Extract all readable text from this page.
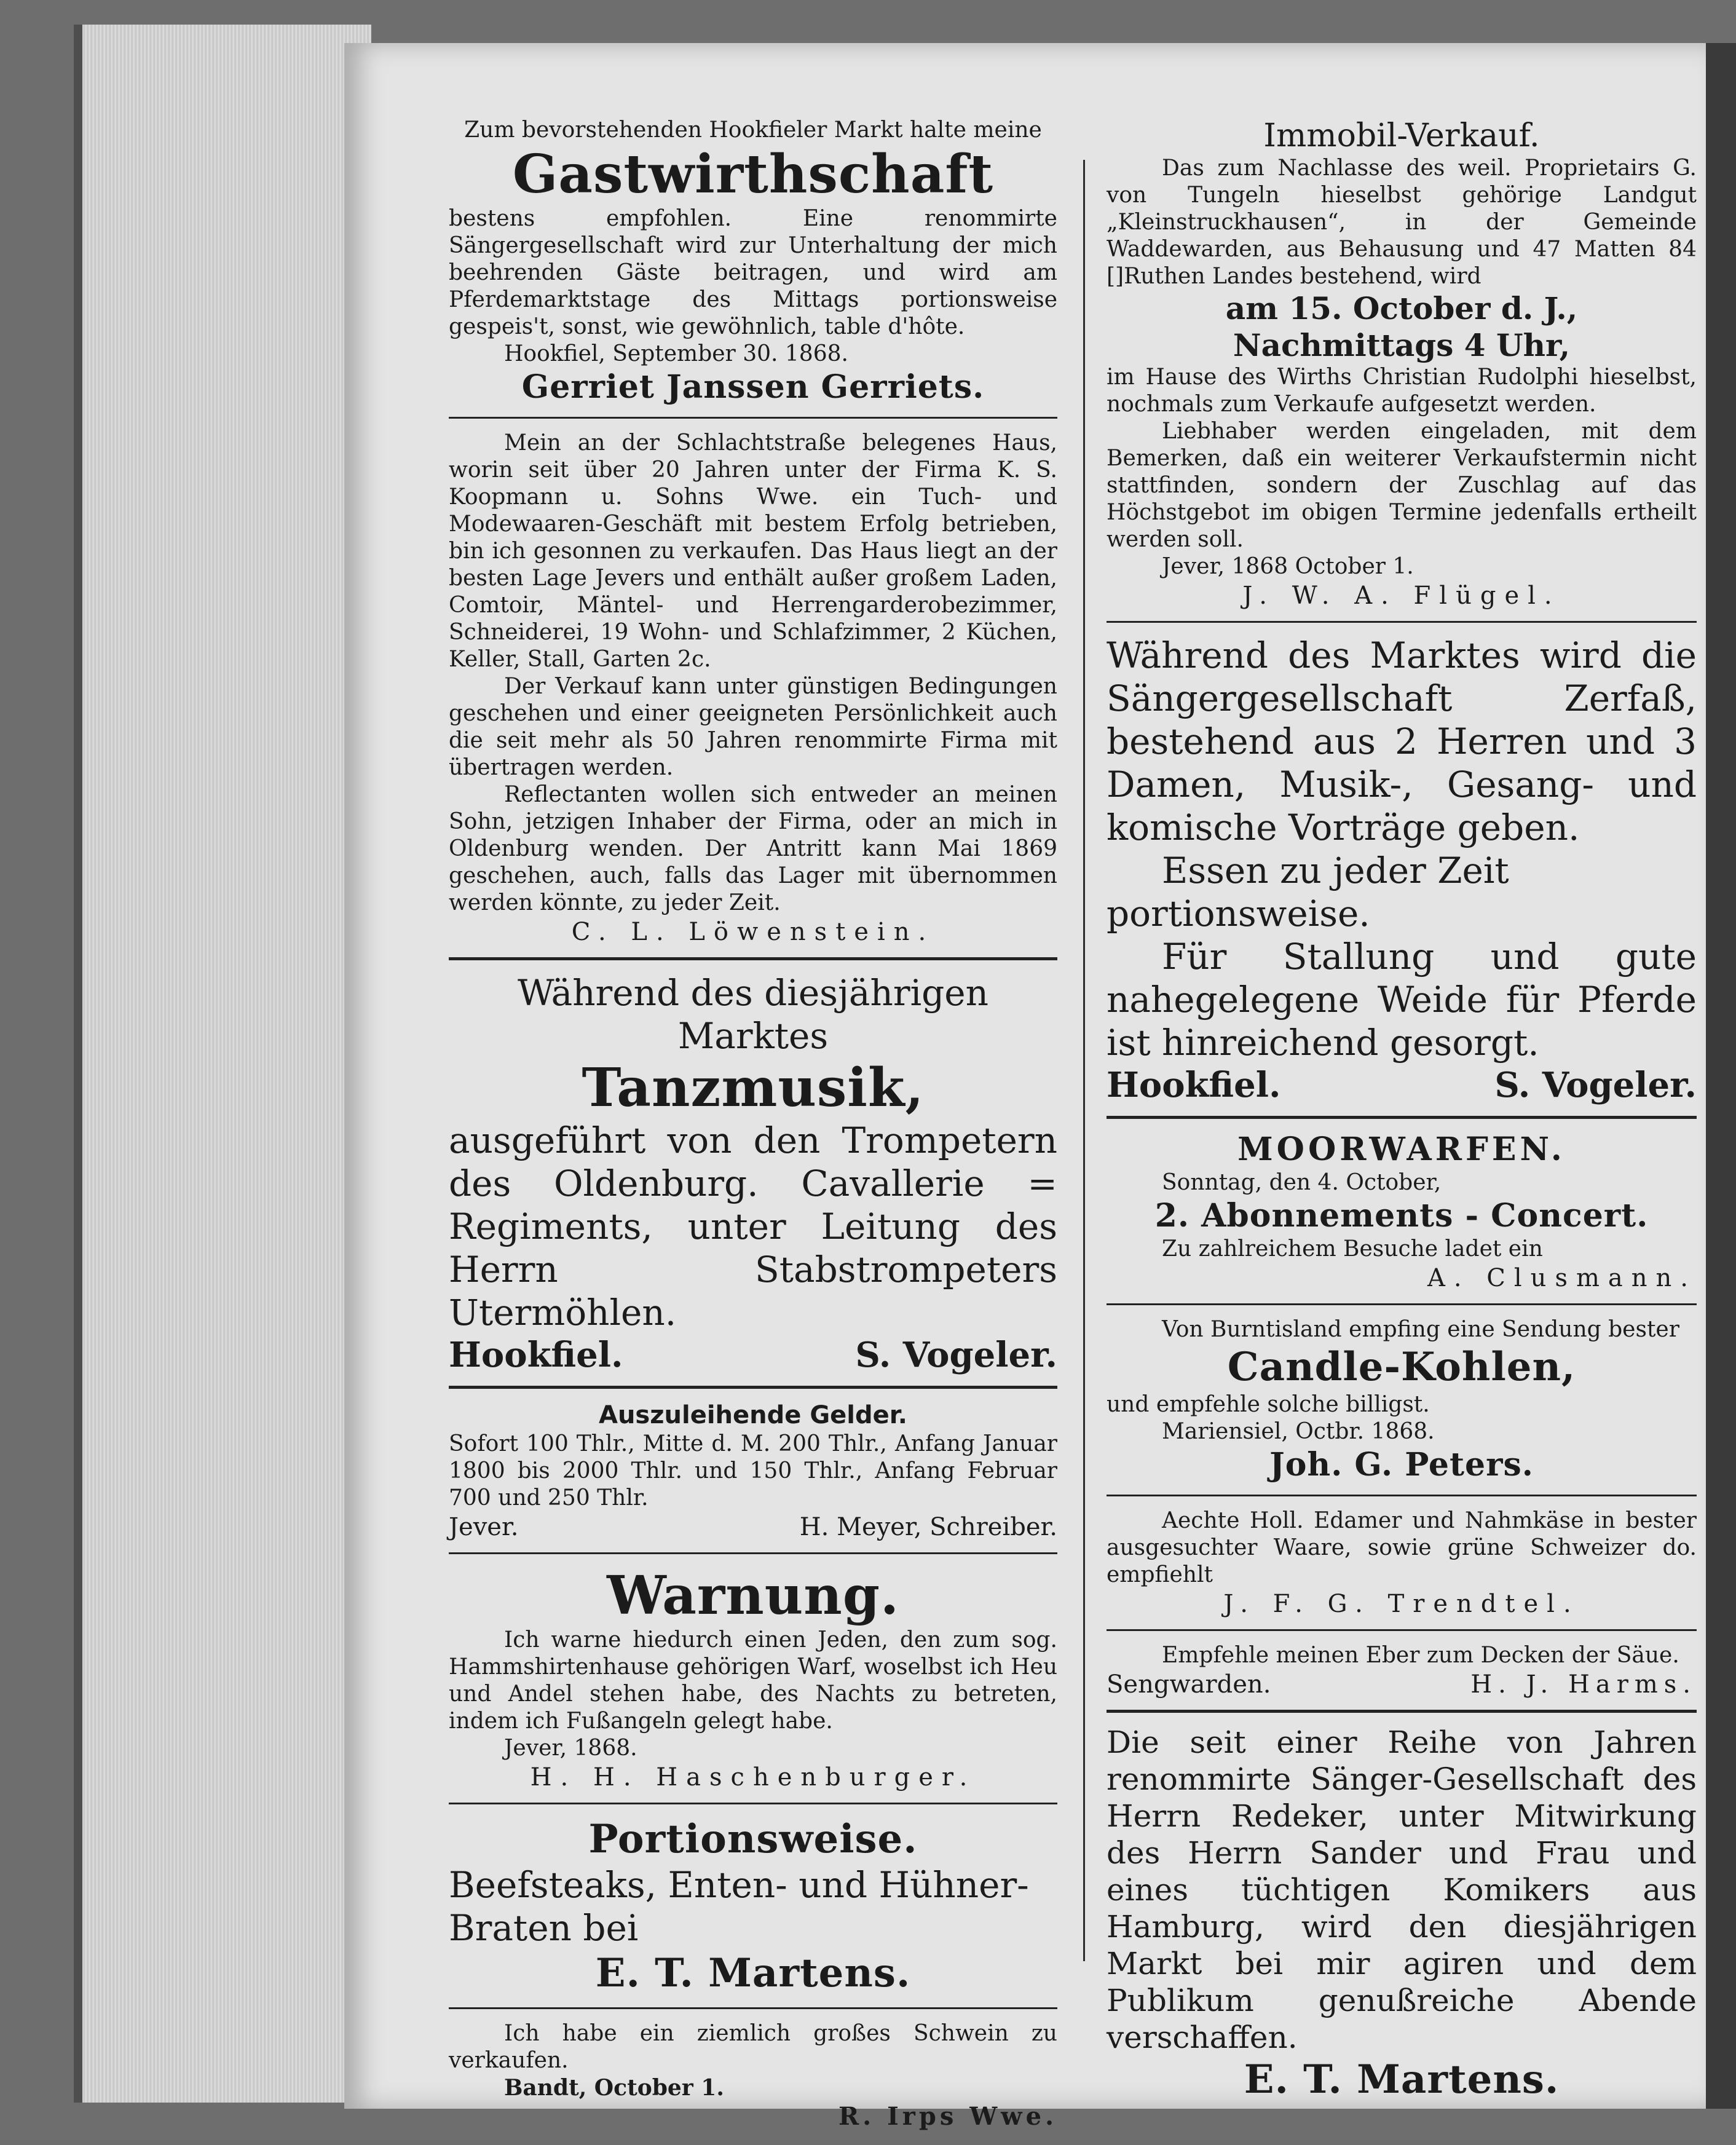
Zum bevorstehenden Hookfieler Markt halte meine

Gastwirthschaft

bestens empfohlen. Eine renommirte Sängergesellschaft wird zur Unterhaltung der mich beehrenden Gäste beitragen, und wird am Pferdemarktstage des Mittags portionsweise gespeis't, sonst, wie gewöhnlich, table d'hôte.

Hookfiel, September 30. 1868.

Gerriet Janssen Gerriets.

Mein an der Schlachtstraße belegenes Haus, worin seit über 20 Jahren unter der Firma K. S. Koopmann u. Sohns Wwe. ein Tuch- und Modewaaren-Geschäft mit bestem Erfolg betrieben, bin ich gesonnen zu verkaufen. Das Haus liegt an der besten Lage Jevers und enthält außer großem Laden, Comtoir, Mäntel- und Herrengarderobezimmer, Schneiderei, 19 Wohn- und Schlafzimmer, 2 Küchen, Keller, Stall, Garten 2c.

Der Verkauf kann unter günstigen Bedingungen geschehen und einer geeigneten Persönlichkeit auch die seit mehr als 50 Jahren renommirte Firma mit übertragen werden.

Reflectanten wollen sich entweder an meinen Sohn, jetzigen Inhaber der Firma, oder an mich in Oldenburg wenden. Der Antritt kann Mai 1869 geschehen, auch, falls das Lager mit übernommen werden könnte, zu jeder Zeit.

C. L. Löwenstein.

Während des diesjährigen Marktes

Tanzmusik,

ausgeführt von den Trompetern des Oldenburg. Cavallerie = Regiments, unter Leitung des Herrn Stabstrompeters Utermöhlen.

Hookfiel.	S. Vogeler.

Auszuleihende Gelder.

Sofort 100 Thlr., Mitte d. M. 200 Thlr., Anfang Januar 1800 bis 2000 Thlr. und 150 Thlr., Anfang Februar 700 und 250 Thlr.

Jever.	H. Meyer, Schreiber.

Warnung.

Ich warne hiedurch einen Jeden, den zum sog. Hammshirtenhause gehörigen Warf, woselbst ich Heu und Andel stehen habe, des Nachts zu betreten, indem ich Fußangeln gelegt habe.

Jever, 1868.

H. H. Haschenburger.

Portionsweise.

Beefsteaks, Enten- und Hühner-Braten bei

E. T. Martens.

Ich habe ein ziemlich großes Schwein zu verkaufen.

Bandt, October 1.

R. Irps Wwe.

Immobil-Verkauf.

Das zum Nachlasse des weil. Proprietairs G. von Tungeln hieselbst gehörige Landgut „Kleinstruckhausen“, in der Gemeinde Waddewarden, aus Behausung und 47 Matten 84 []Ruthen Landes bestehend, wird

am 15. October d. J.,

Nachmittags 4 Uhr,

im Hause des Wirths Christian Rudolphi hieselbst, nochmals zum Verkaufe aufgesetzt werden.

Liebhaber werden eingeladen, mit dem Bemerken, daß ein weiterer Verkaufstermin nicht stattfinden, sondern der Zuschlag auf das Höchstgebot im obigen Termine jedenfalls ertheilt werden soll.

Jever, 1868 October 1.

J. W. A. Flügel.

Während des Marktes wird die Sängergesellschaft Zerfaß, bestehend aus 2 Herren und 3 Damen, Musik-, Gesang- und komische Vorträge geben.

Essen zu jeder Zeit portionsweise.

Für Stallung und gute nahegelegene Weide für Pferde ist hinreichend gesorgt.

Hookfiel.	S. Vogeler.

MOORWARFEN.

Sonntag, den 4. October,

2. Abonnements - Concert.

Zu zahlreichem Besuche ladet ein

A. Clusmann.

Von Burntisland empfing eine Sendung bester

Candle-Kohlen,

und empfehle solche billigst.

Mariensiel, Octbr. 1868.

Joh. G. Peters.

Aechte Holl. Edamer und Nahmkäse in bester ausgesuchter Waare, sowie grüne Schweizer do. empfiehlt

J. F. G. Trendtel.

Empfehle meinen Eber zum Decken der Säue.

Sengwarden.	H. J. Harms.

Die seit einer Reihe von Jahren renommirte Sänger-Gesellschaft des Herrn Redeker, unter Mitwirkung des Herrn Sander und Frau und eines tüchtigen Komikers aus Hamburg, wird den diesjährigen Markt bei mir agiren und dem Publikum genußreiche Abende verschaffen.

E. T. Martens.
